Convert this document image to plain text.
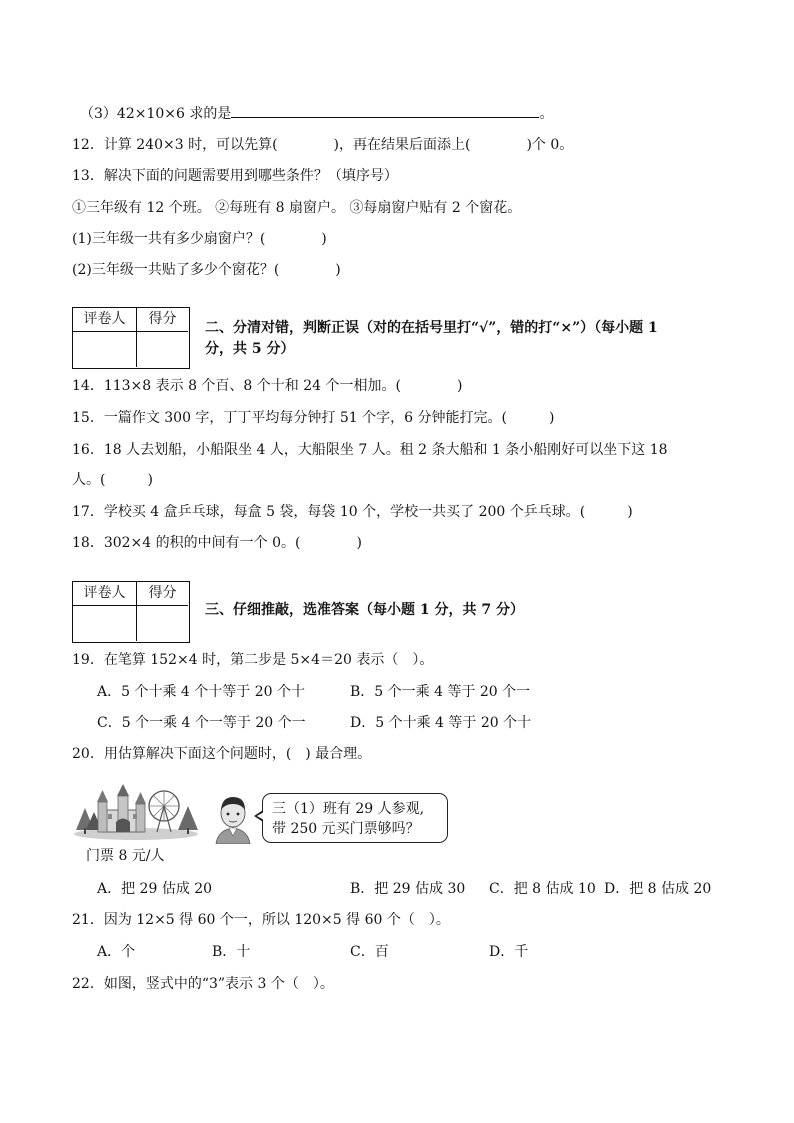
（3）42×10×6 求的是	。
12．计算 240×3 时，可以先算(　　　　)，再在结果后面添上(　　　　)个 0。
13．解决下面的问题需要用到哪些条件？（填序号）
①三年级有 12 个班。 ②每班有 8 扇窗户。 ③每扇窗户贴有 2 个窗花。
(1)三年级一共有多少扇窗户？(　　　　)
(2)三年级一共贴了多少个窗花？(　　　　)
评卷人	得分
二、分清对错，判断正误（对的在括号里打“√”，错的打“×”）（每小题 1
分，共 5 分）
14．113×8 表示 8 个百、8 个十和 24 个一相加。(　　　　)
15．一篇作文 300 字，丁丁平均每分钟打 51 个字，6 分钟能打完。(　　　)
16．18 人去划船，小船限坐 4 人，大船限坐 7 人。租 2 条大船和 1 条小船刚好可以坐下这 18
人。(　　　)
17．学校买 4 盒乒乓球，每盒 5 袋，每袋 10 个，学校一共买了 200 个乒乓球。(　　　)
18．302×4 的积的中间有一个 0。(　　　　)
评卷人	得分
三、仔细推敲，选准答案（每小题 1 分，共 7 分）
19．在笔算 152×4 时，第二步是 5×4＝20 表示（　）。
A．5 个十乘 4 个十等于 20 个十	B．5 个一乘 4 等于 20 个一
C．5 个一乘 4 个一等于 20 个一	D．5 个十乘 4 等于 20 个十
20．用估算解决下面这个问题时，(　) 最合理。
门票 8 元/人
三（1）班有 29 人参观,
带 250 元买门票够吗？
A．把 29 估成 20	B．把 29 估成 30 C．把 8 估成 10 D．把 8 估成 20
21．因为 12×5 得 60 个一，所以 120×5 得 60 个（　）。
A．个	B．十	C．百	D．千
22．如图，竖式中的“3”表示 3 个（　）。
